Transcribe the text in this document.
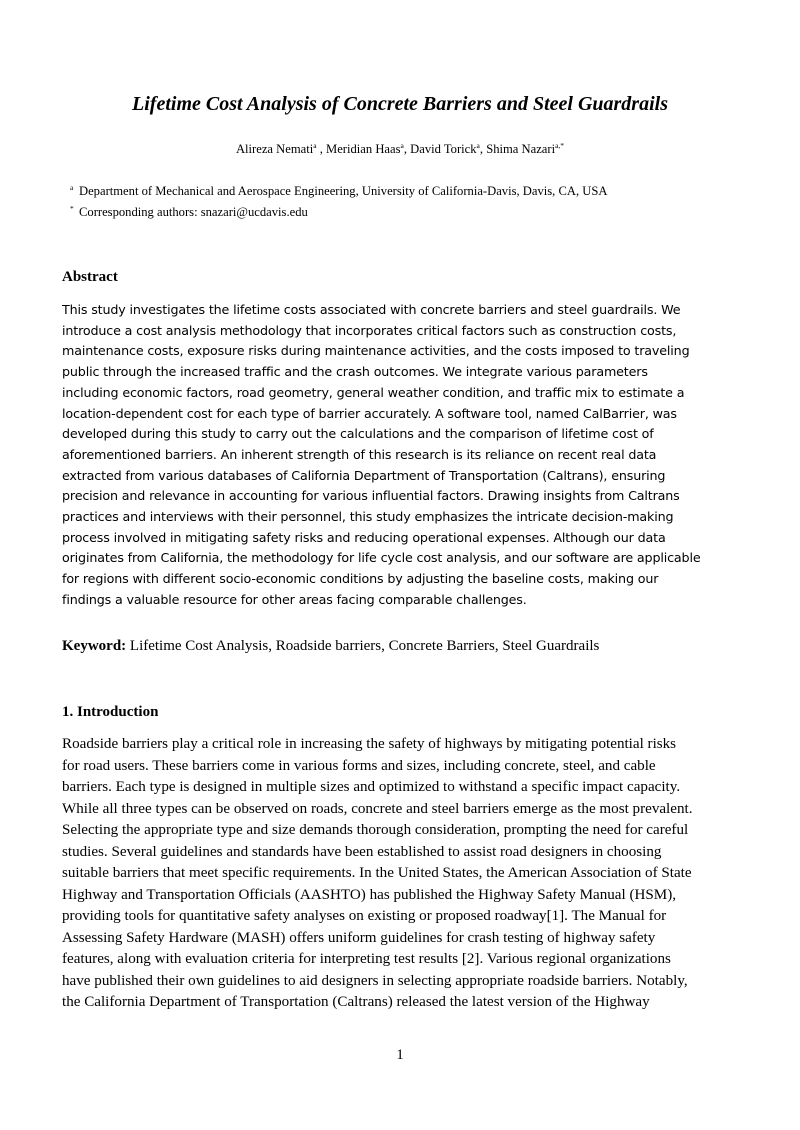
Lifetime Cost Analysis of Concrete Barriers and Steel Guardrails
Alireza Nemati$^a$ , Meridian Haas$^a$, David Torick$^a$, Shima Nazari$^{a,*}$
$^a$ Department of Mechanical and Aerospace Engineering, University of California-Davis, Davis, CA, USA
* Corresponding authors: snazari@ucdavis.edu
Abstract
This study investigates the lifetime costs associated with concrete barriers and steel guardrails. We
introduce a cost analysis methodology that incorporates critical factors such as construction costs,
maintenance costs, exposure risks during maintenance activities, and the costs imposed to traveling
public through the increased traffic and the crash outcomes. We integrate various parameters
including economic factors, road geometry, general weather condition, and traffic mix to estimate a
location-dependent cost for each type of barrier accurately. A software tool, named CalBarrier, was
developed during this study to carry out the calculations and the comparison of lifetime cost of
aforementioned barriers. An inherent strength of this research is its reliance on recent real data
extracted from various databases of California Department of Transportation (Caltrans), ensuring
precision and relevance in accounting for various influential factors. Drawing insights from Caltrans
practices and interviews with their personnel, this study emphasizes the intricate decision-making
process involved in mitigating safety risks and reducing operational expenses. Although our data
originates from California, the methodology for life cycle cost analysis, and our software are applicable
for regions with different socio-economic conditions by adjusting the baseline costs, making our
findings a valuable resource for other areas facing comparable challenges.
Keyword: Lifetime Cost Analysis, Roadside barriers, Concrete Barriers, Steel Guardrails
1. Introduction
Roadside barriers play a critical role in increasing the safety of highways by mitigating potential risks
for road users. These barriers come in various forms and sizes, including concrete, steel, and cable
barriers. Each type is designed in multiple sizes and optimized to withstand a specific impact capacity.
While all three types can be observed on roads, concrete and steel barriers emerge as the most prevalent.
Selecting the appropriate type and size demands thorough consideration, prompting the need for careful
studies. Several guidelines and standards have been established to assist road designers in choosing
suitable barriers that meet specific requirements. In the United States, the American Association of State
Highway and Transportation Officials (AASHTO) has published the Highway Safety Manual (HSM),
providing tools for quantitative safety analyses on existing or proposed roadway[1]. The Manual for
Assessing Safety Hardware (MASH) offers uniform guidelines for crash testing of highway safety
features, along with evaluation criteria for interpreting test results [2]. Various regional organizations
have published their own guidelines to aid designers in selecting appropriate roadside barriers. Notably,
the California Department of Transportation (Caltrans) released the latest version of the Highway
1
